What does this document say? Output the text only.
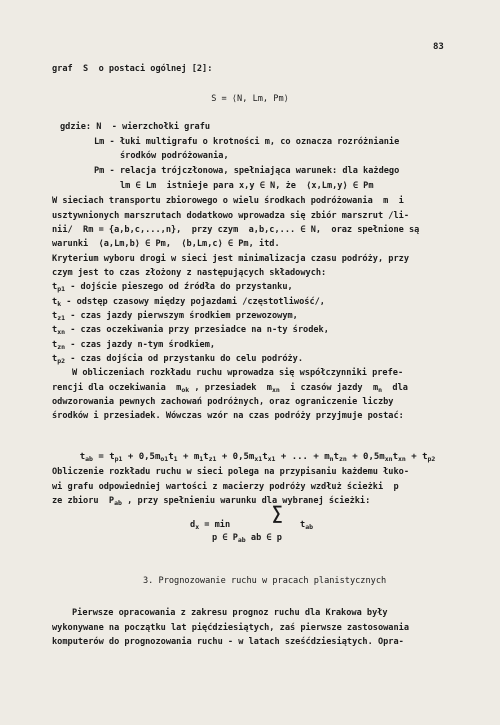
83
graf  S  o postaci ogólnej [2]:
S = ⟨N, Lm, Pm⟩
gdzie: N  - wierzchołki grafu
Lm - łuki multigrafu o krotności m, co oznacza rozróżnianie
środków podróżowania,
Pm - relacja trójczłonowa, spełniająca warunek: dla każdego
lm ∈ Lm  istnieje para x,y ∈ N, że  ⟨x,Lm,y⟩ ∈ Pm
W sieciach transportu zbiorowego o wielu środkach podróżowania  m  i
usztywnionych marszrutach dodatkowo wprowadza się zbiór marszrut /li-
nii/  Rm = {a,b,c,...,n},  przy czym  a,b,c,... ∈ N,  oraz spełnione są
warunki  ⟨a,Lm,b⟩ ∈ Pm,  ⟨b,Lm,c⟩ ∈ Pm, itd.
Kryterium wyboru drogi w sieci jest minimalizacja czasu podróży, przy
czym jest to czas złożony z następujących składowych:
$t_{p1}$ - dojście pieszego od źródła do przystanku,
$t_k$ - odstęp czasowy między pojazdami /częstotliwość/,
$t_{z1}$ - czas jazdy pierwszym środkiem przewozowym,
$t_{xn}$ - czas oczekiwania przy przesiadce na n-ty środek,
$t_{zn}$ - czas jazdy n-tym środkiem,
$t_{p2}$ - czas dojścia od przystanku do celu podróży.
W obliczeniach rozkładu ruchu wprowadza się współczynniki prefe-
rencji dla oczekiwania  $m_{ok}$ , przesiadek  $m_{xn}$  i czasów jazdy  $m_n$  dla
odwzorowania pewnych zachowań podróżnych, oraz ograniczenie liczby
środków i przesiadek. Wówczas wzór na czas podróży przyjmuje postać:

$t_{ab} = t_{p1} + 0,5m_{o1}t_1 + m_1t_{z1} + 0,5m_{x1}t_{x1}$ + ... + $m_nt_{zn} + 0,5m_{xn}t_{xn} + t_{p2}$

Obliczenie rozkładu ruchu w sieci polega na przypisaniu każdemu łuko-
wi grafu odpowiedniej wartości z macierzy podróży wzdłuż ścieżki  p
ze zbioru  $P_{ab}$ , przy spełnieniu warunku dla wybranej ścieżki:
$d_x = \min$
∑
$t_{ab}$
p ∈ $P_{ab}$ ab ∈ p
3. Prognozowanie ruchu w pracach planistycznych
Pierwsze opracowania z zakresu prognoz ruchu dla Krakowa były
wykonywane na początku lat pięćdziesiątych, zaś pierwsze zastosowania
komputerów do prognozowania ruchu - w latach sześćdziesiątych. Opra-
